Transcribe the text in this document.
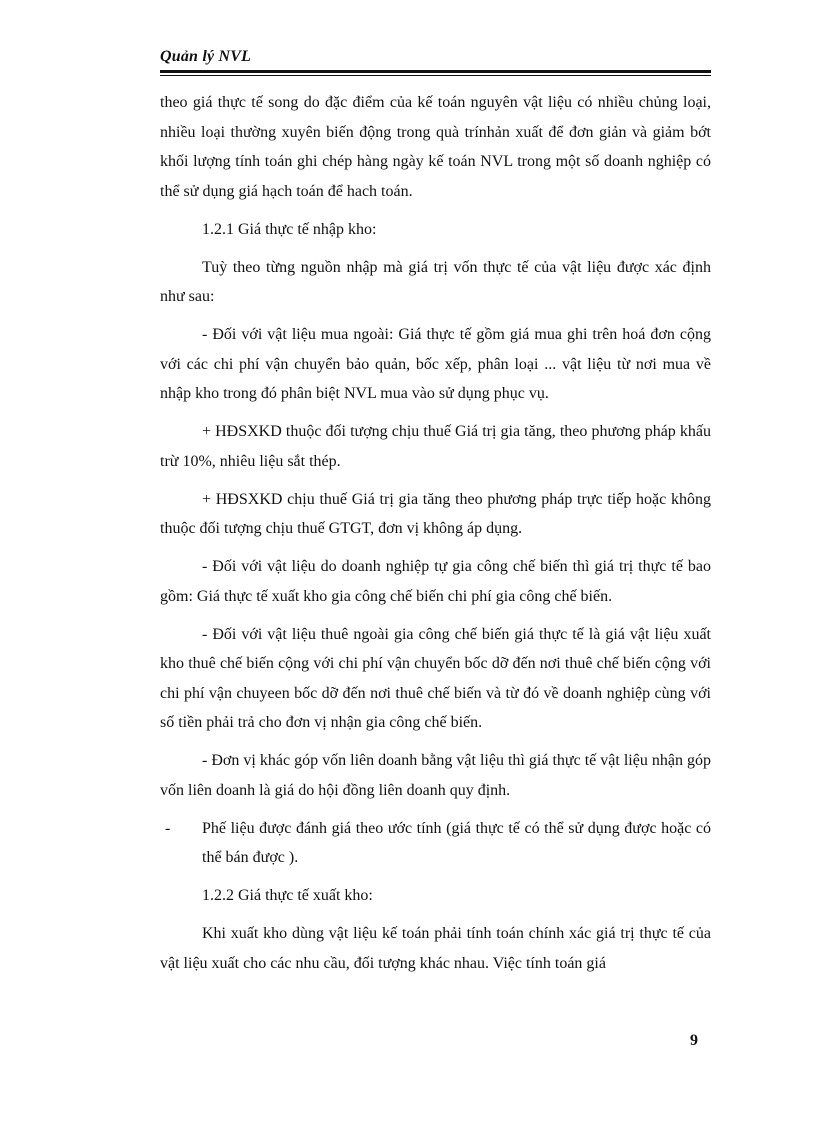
Quản lý NVL

theo giá thực tế song do đặc điểm của kế toán nguyên vật liệu có nhiều chủng loại, nhiều loại thường xuyên biến động trong quà trínhản xuất để đơn giản và giảm bớt khối lượng tính toán ghi chép hàng ngày kế toán NVL trong một số doanh nghiệp có thể sử dụng giá hạch toán để hach toán.

1.2.1 Giá thực tế nhập kho:

Tuỳ theo từng nguồn nhập mà giá trị vốn thực tế của vật liệu được xác định như sau:

- Đối với vật liệu mua ngoài: Giá thực tế gồm giá mua ghi trên hoá đơn cộng với các chi phí vận chuyển bảo quản, bốc xếp, phân loại ... vật liệu từ nơi mua về nhập kho trong đó phân biệt NVL mua vào sử dụng phục vụ.

+ HĐSXKD thuộc đối tượng chịu thuế Giá trị gia tăng, theo phương pháp khấu trừ 10%, nhiêu liệu sắt thép.

+ HĐSXKD chịu thuế Giá trị gia tăng theo phương pháp trực tiếp hoặc không thuộc đối tượng chịu thuế GTGT, đơn vị không áp dụng.

- Đối với vật liệu do doanh nghiệp tự gia công chế biến thì giá trị thực tế bao gồm: Giá thực tế xuất kho gia công chế biến chi phí gia công chế biến.

- Đối với vật liệu thuê ngoài gia công chế biến giá thực tế là giá vật liệu xuất kho thuê chế biến cộng với chi phí vận chuyển bốc dỡ đến nơi thuê chế biến cộng với chi phí vận chuyeen bốc dỡ đến nơi thuê chế biến và từ đó về doanh nghiệp cùng với số tiền phải trả cho đơn vị nhận gia công chế biến.

- Đơn vị khác góp vốn liên doanh bằng vật liệu thì giá thực tế vật liệu nhận góp vốn liên doanh là giá do hội đồng liên doanh quy định.

- Phế liệu được đánh giá theo ước tính (giá thực tế có thể sử dụng được hoặc có thể bán được ).

1.2.2 Giá thực tế xuất kho:

Khi xuất kho dùng vật liệu kế toán phải tính toán chính xác giá trị thực tế của vật liệu xuất cho các nhu cầu, đối tượng khác nhau. Việc tính toán giá

9
